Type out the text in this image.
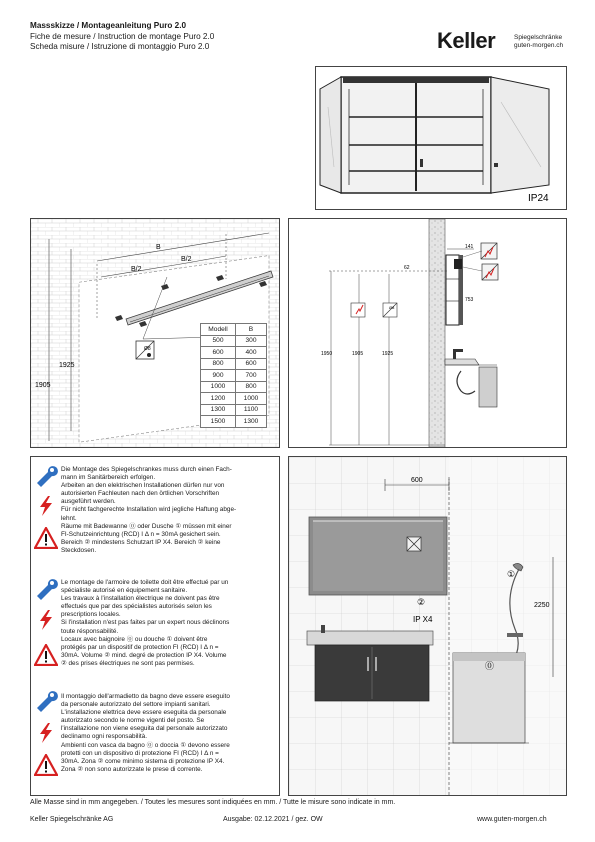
Massskizze / Montageanleitung Puro 2.0
Fiche de mesure / Instruction de montage Puro 2.0
Scheda misure / Istruzione di montaggio Puro 2.0	Keller	Spiegelschränke
guten-morgen.ch
IP24
B
B/2
B/2
Ø8
1925
1905
Modell	B
500	300
600	400
800	600
900	700
1000	800
1200	1000
1300	1100
1500	1300
141
62
753
1950	1905	1925
Ø8
Die Montage des Spiegelschrankes muss durch einen Fach-
mann im Sanitärbereich erfolgen.
Arbeiten an den elektrischen Installationen dürfen nur von
autorisierten Fachleuten nach den örtlichen Vorschriften
ausgeführt werden.
Für nicht fachgerechte Installation wird jegliche Haftung abge-
lehnt.
Räume mit Badewanne ⓪ oder Dusche ① müssen mit einer
FI-Schutzeinrichtung (RCD) I Δ n = 30mA gesichert sein.
Bereich ② mindestens Schutzart IP X4. Bereich ② keine
Steckdosen.
Le montage de l'armoire de toilette doit être effectué par un
spécialiste autorisé en équipement sanitaire.
Les travaux à l'installation électrique ne doivent pas être
effectués que par des spécialistes autorisés selon les
prescriptions locales.
Si l'installation n'est pas faites par un expert nous déclinons
toute résponsabilité.
Locaux avec baignoire ⓪ ou douche ① doivent être
protégés par un dispositif de protection FI (RCD) I Δ n =
30mA. Volume ② mind. degré de protection IP X4. Volume
② des prises électriques ne sont pas permises.
Il montaggio dell'armadietto da bagno deve essere eseguito
da personale autorizzato del settore impianti sanitari.
L'installazione elettrica deve essere eseguita da personale
autorizzato secondo le norme vigenti del posto. Se
l'installazione non viene eseguita dal personale autorizzato
declinamo ogni responsabilità.
Ambienti con vasca da bagno ⓪ o doccia ① devono essere
protetti con un dispositivo di protezione FI (RCD) I Δ n =
30mA. Zona ② come minimo sistema di protezione IP X4.
Zona ② non sono autorizzate le prese di corrente.
600
②
IP X4
①
2250
⓪
Alle Masse sind in mm angegeben. / Toutes les mesures sont indiquées en mm. / Tutte le misure sono indicate in mm.
Keller Spiegelschränke AG	Ausgabe: 02.12.2021 / gez. OW	www.guten-morgen.ch
